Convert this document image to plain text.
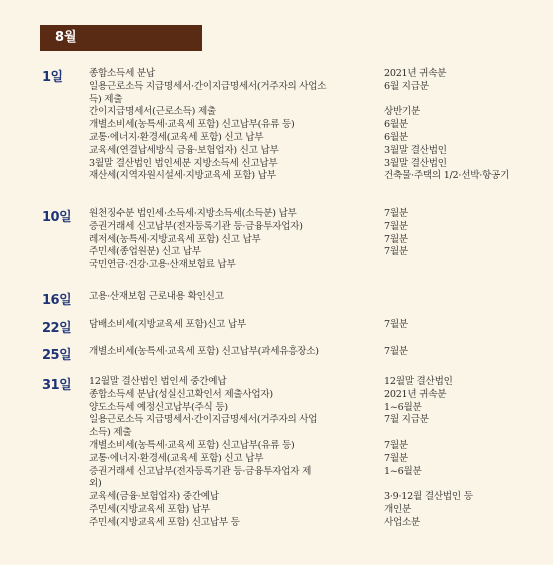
8월
1일	종합소득세 분납	2021년 귀속분
일용근로소득 지급명세서·간이지급명세서(거주자의 사업소	6월 지급분
득) 제출
간이지급명세서(근로소득) 제출	상반기분
개별소비세(농특세·교육세 포함) 신고납부(유류 등)	6월분
교통·에너지·환경세(교육세 포함) 신고 납부	6월분
교육세(연결납세방식 금융·보험업자) 신고 납부	3월말 결산법인
3월말 결산법인 법인세분 지방소득세 신고납부	3월말 결산법인
재산세(지역자원시설세·지방교육세 포함) 납부	건축물·주택의 1/2·선박·항공기
10일 원천징수분 법인세·소득세·지방소득세(소득분) 납부	7월분
증권거래세 신고납부(전자등록기관 등·금융투자업자)	7월분
레저세(농특세·지방교육세 포함) 신고 납부	7월분
주민세(종업원분) 신고 납부	7월분
국민연금·건강·고용·산재보험료 납부
16일 고용·산재보험 근로내용 확인신고
22일 담배소비세(지방교육세 포함)신고 납부	7월분
25일 개별소비세(농특세·교육세 포함) 신고납부(과세유흥장소)	7월분
31일 12월말 결산법인 법인세 중간예납	12월말 결산법인
종합소득세 분납(성실신고확인서 제출사업자)	2021년 귀속분
양도소득세 예정신고납부(주식 등)	1~6월분
일용근로소득 지급명세서·간이지급명세서(거주자의 사업	7월 지급분
소득) 제출
개별소비세(농특세·교육세 포함) 신고납부(유류 등)	7월분
교통·에너지·환경세(교육세 포함) 신고 납부	7월분
증권거래세 신고납부(전자등록기관 등·금융투자업자 제	1~6월분
외)
교육세(금융·보험업자) 중간예납	3·9·12월 결산법인 등
주민세(지방교육세 포함) 납부	개인분
주민세(지방교육세 포함) 신고납부 등	사업소분
